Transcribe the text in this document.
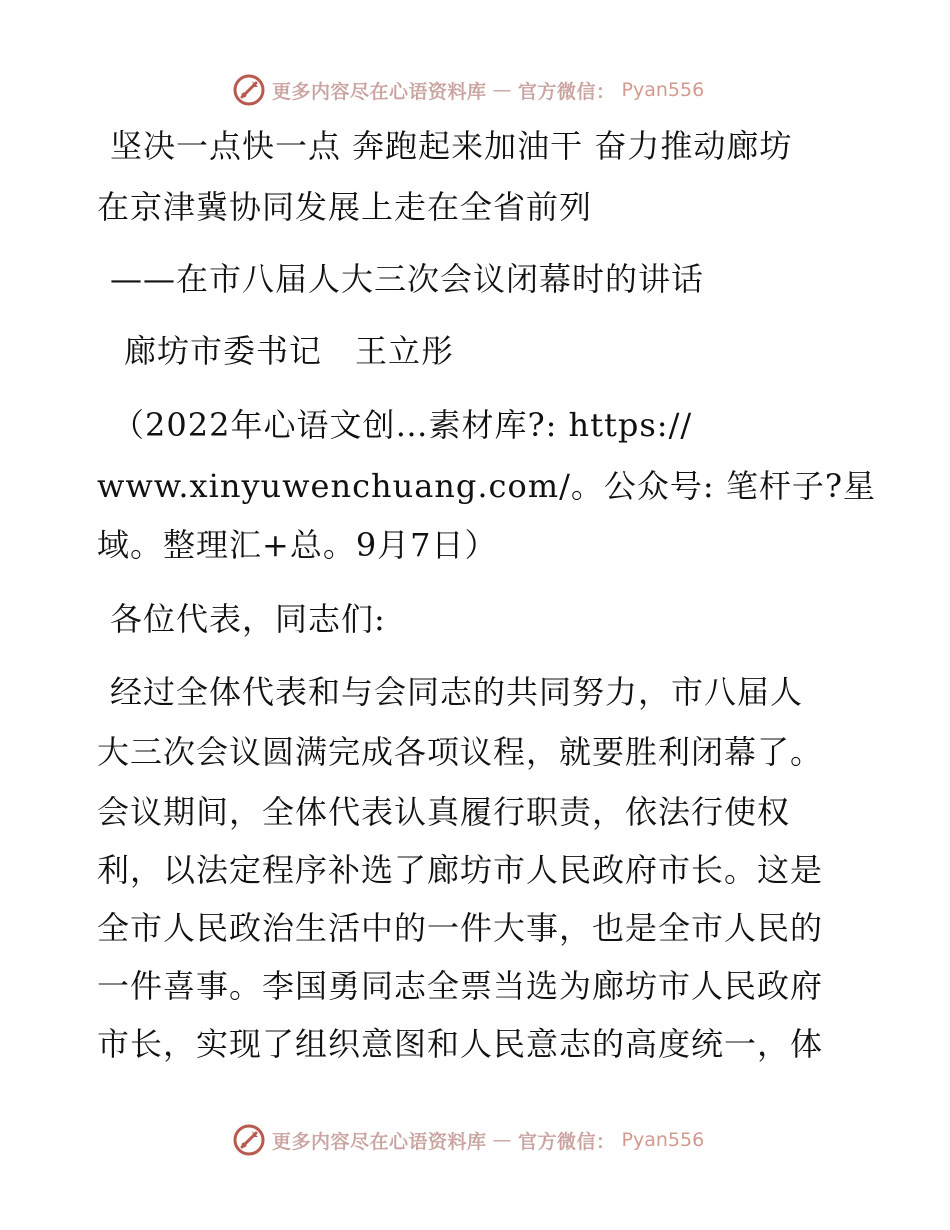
更多内容尽在心语资料库 — 官方微信： Pyan556
坚决一点快一点 奔跑起来加油干 奋力推动廊坊
在京津冀协同发展上走在全省前列
——在市八届人大三次会议闭幕时的讲话
廊坊市委书记　王立彤
（2022年心语文创…素材库?: https://
www.xinyuwenchuang.com/。公众号: 笔杆子?星
域。整理汇+总。9月7日）
各位代表，同志们:
经过全体代表和与会同志的共同努力，市八届人
大三次会议圆满完成各项议程，就要胜利闭幕了。
会议期间，全体代表认真履行职责，依法行使权
利，以法定程序补选了廊坊市人民政府市长。这是
全市人民政治生活中的一件大事，也是全市人民的
一件喜事。李国勇同志全票当选为廊坊市人民政府
市长，实现了组织意图和人民意志的高度统一，体
更多内容尽在心语资料库 — 官方微信： Pyan556
